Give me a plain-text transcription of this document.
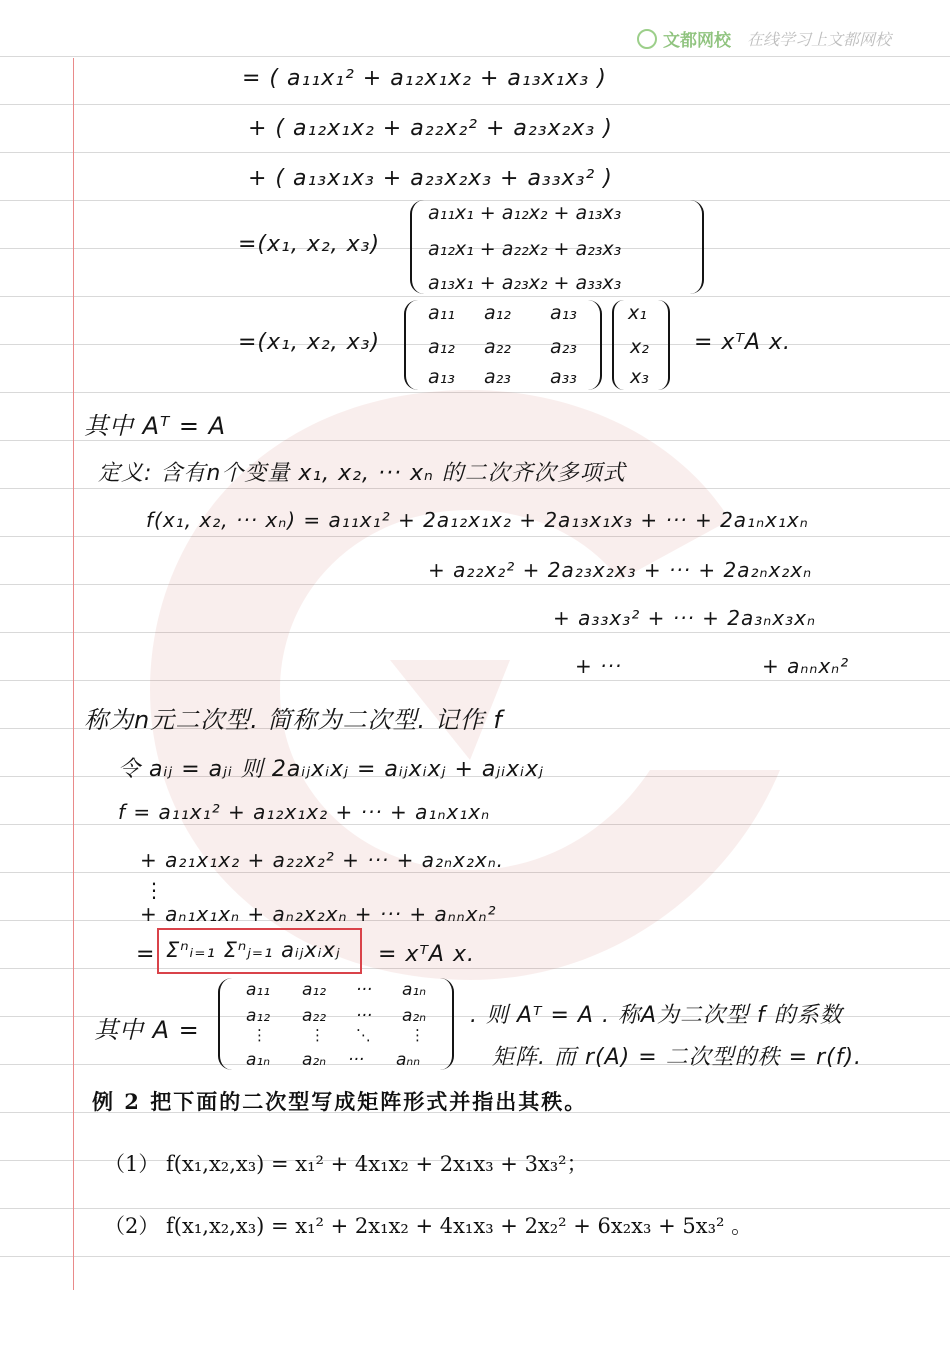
文都网校 在线学习上文都网校
= ( a₁₁x₁² + a₁₂x₁x₂ + a₁₃x₁x₃ )
+ ( a₁₂x₁x₂ + a₂₂x₂² + a₂₃x₂x₃ )
+ ( a₁₃x₁x₃ + a₂₃x₂x₃ + a₃₃x₃² )
=(x₁, x₂, x₃)
a₁₁x₁ + a₁₂x₂ + a₁₃x₃
a₁₂x₁ + a₂₂x₂ + a₂₃x₃
a₁₃x₁ + a₂₃x₂ + a₃₃x₃
=(x₁, x₂, x₃)
a₁₁ a₁₂ a₁₃
a₁₂ a₂₂ a₂₃
a₁₃ a₂₃ a₃₃
x₁
x₂
x₃
= xᵀA x.
其中 Aᵀ = A
定义: 含有n个变量 x₁, x₂, ··· xₙ 的二次齐次多项式
f(x₁, x₂, ··· xₙ) = a₁₁x₁² + 2a₁₂x₁x₂ + 2a₁₃x₁x₃ + ··· + 2a₁ₙx₁xₙ
+ a₂₂x₂² + 2a₂₃x₂x₃ + ··· + 2a₂ₙx₂xₙ
+ a₃₃x₃² + ··· + 2a₃ₙx₃xₙ
+ ···	+ aₙₙxₙ²
称为n元二次型. 简称为二次型. 记作 f
令 aᵢⱼ = aⱼᵢ 则 2aᵢⱼxᵢxⱼ = aᵢⱼxᵢxⱼ + aⱼᵢxᵢxⱼ
f = a₁₁x₁² + a₁₂x₁x₂ + ··· + a₁ₙx₁xₙ
+ a₂₁x₁x₂ + a₂₂x₂² + ··· + a₂ₙx₂xₙ.
⋮
+ aₙ₁x₁xₙ + aₙ₂x₂xₙ + ··· + aₙₙxₙ²
= Σⁿᵢ₌₁ Σⁿⱼ₌₁ aᵢⱼxᵢxⱼ = xᵀA x.
其中 A =
a₁₁ a₁₂ ··· a₁ₙ
a₁₂ a₂₂ ··· a₂ₙ
⋮	⋮ ⋱	⋮
a₁ₙ a₂ₙ ··· aₙₙ
. 则 Aᵀ = A . 称A为二次型 f 的系数
矩阵. 而 r(A) = 二次型的秩 = r(f).
例 2 把下面的二次型写成矩阵形式并指出其秩。
（1） f(x₁,x₂,x₃) = x₁² + 4x₁x₂ + 2x₁x₃ + 3x₃²；
（2） f(x₁,x₂,x₃) = x₁² + 2x₁x₂ + 4x₁x₃ + 2x₂² + 6x₂x₃ + 5x₃² 。
